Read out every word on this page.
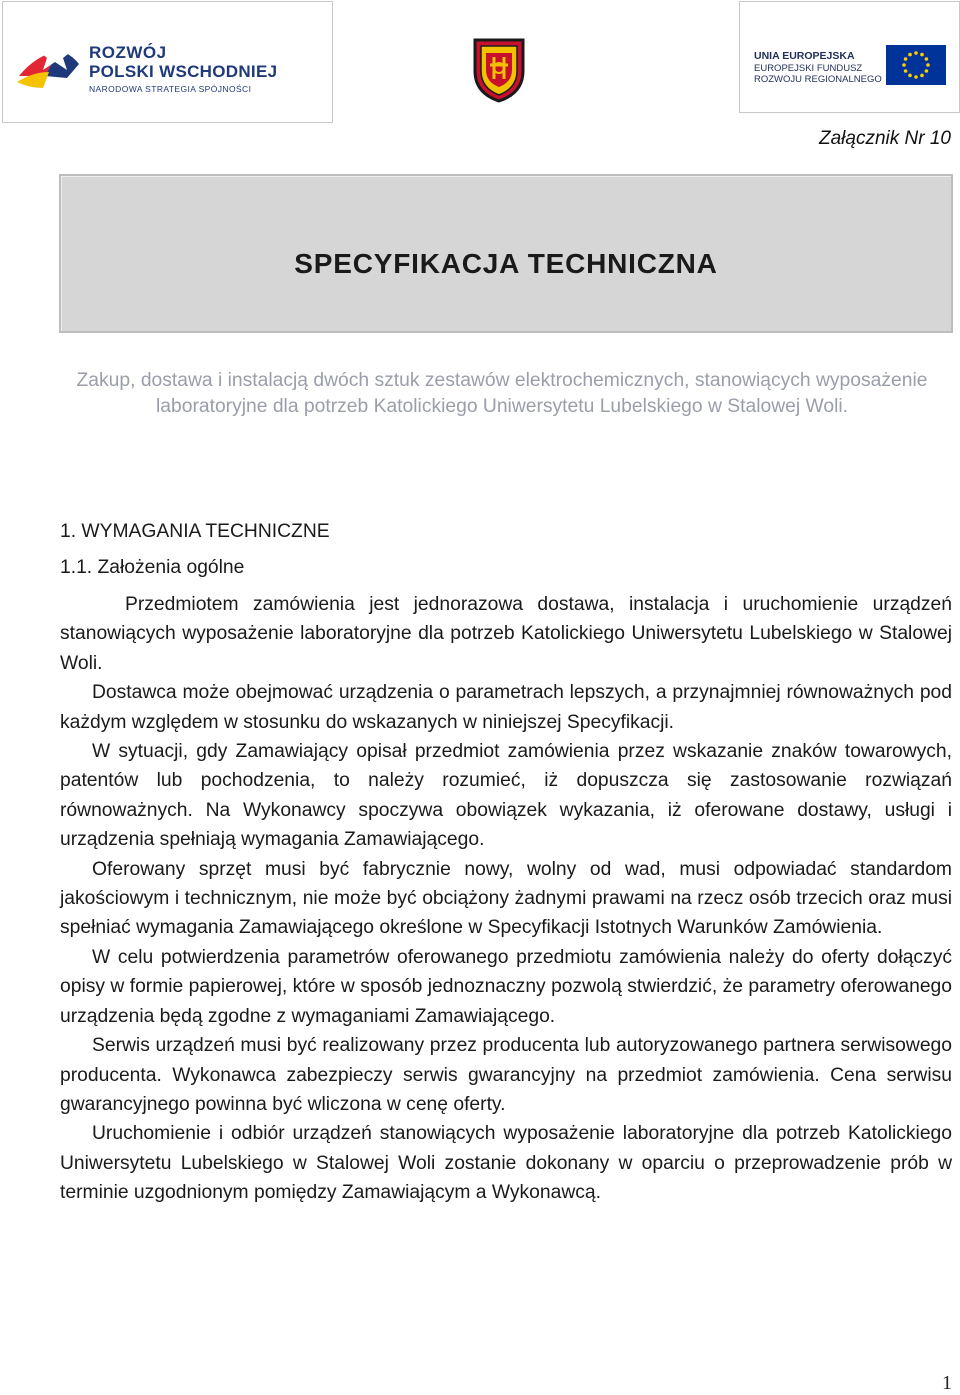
ROZWÓJ
POLSKI WSCHODNIEJ
NARODOWA STRATEGIA SPÓJNOŚCI
UNIA EUROPEJSKA
EUROPEJSKI FUNDUSZ
ROZWOJU REGIONALNEGO
Załącznik Nr 10
SPECYFIKACJA TECHNICZNA
Zakup, dostawa i instalacją dwóch sztuk zestawów elektrochemicznych, stanowiących wyposażenie laboratoryjne dla potrzeb Katolickiego Uniwersytetu Lubelskiego w Stalowej Woli.
1. WYMAGANIA TECHNICZNE
1.1. Założenia ogólne

Przedmiotem zamówienia jest jednorazowa dostawa, instalacja i uruchomienie urządzeń stanowiących wyposażenie laboratoryjne dla potrzeb Katolickiego Uniwersytetu Lubelskiego w Stalowej Woli.

Dostawca może obejmować urządzenia o parametrach lepszych, a przynajmniej równoważnych pod każdym względem w stosunku do wskazanych w niniejszej Specyfikacji.

W sytuacji, gdy Zamawiający opisał przedmiot zamówienia przez wskazanie znaków towarowych, patentów lub pochodzenia, to należy rozumieć, iż dopuszcza się zastosowanie rozwiązań równoważnych. Na Wykonawcy spoczywa obowiązek wykazania, iż oferowane dostawy, usługi i urządzenia spełniają wymagania Zamawiającego.

Oferowany sprzęt musi być fabrycznie nowy, wolny od wad, musi odpowiadać standardom jakościowym i technicznym, nie może być obciążony żadnymi prawami na rzecz osób trzecich oraz musi spełniać wymagania Zamawiającego określone w Specyfikacji Istotnych Warunków Zamówienia.

W celu potwierdzenia parametrów oferowanego przedmiotu zamówienia należy do oferty dołączyć opisy w formie papierowej, które w sposób jednoznaczny pozwolą stwierdzić, że parametry oferowanego urządzenia będą zgodne z wymaganiami Zamawiającego.

Serwis urządzeń musi być realizowany przez producenta lub autoryzowanego partnera serwisowego producenta. Wykonawca zabezpieczy serwis gwarancyjny na przedmiot zamówienia. Cena serwisu gwarancyjnego powinna być wliczona w cenę oferty.

Uruchomienie i odbiór urządzeń stanowiących wyposażenie laboratoryjne dla potrzeb Katolickiego Uniwersytetu Lubelskiego w Stalowej Woli zostanie dokonany w oparciu o przeprowadzenie prób w terminie uzgodnionym pomiędzy Zamawiającym a Wykonawcą.

1
